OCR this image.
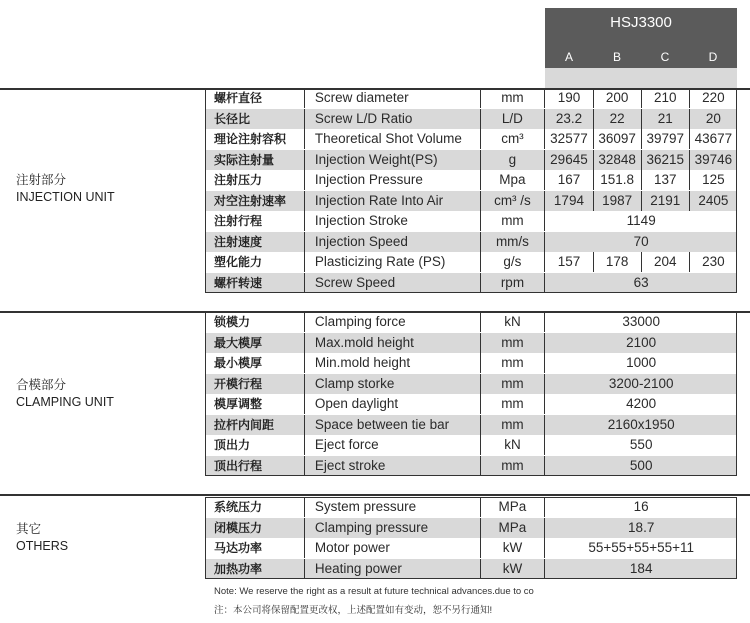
HSJ3300
A	B	C	D
注射部分
INJECTION UNIT
合模部分
CLAMPING UNIT
其它
OTHERS
螺杆直径	Screw diameter	mm	190	200	210	220
长径比	Screw L/D Ratio	L/D	23.2	22	21	20
理论注射容积	Theoretical Shot Volume	cm³	32577 36097 39797 43677
实际注射量	Injection Weight(PS)	g	29645 32848 36215 39746
注射压力	Injection Pressure	Mpa	167	151.8	137	125
对空注射速率	Injection Rate Into Air	cm³ /s	1794	1987	2191	2405
注射行程	Injection Stroke	mm	1149
注射速度	Injection Speed	mm/s	70
塑化能力	Plasticizing Rate (PS)	g/s	157	178	204	230
螺杆转速	Screw Speed	rpm	63
锁模力	Clamping force	kN	33000
最大模厚	Max.mold height	mm	2100
最小模厚	Min.mold height	mm	1000
开模行程	Clamp storke	mm	3200-2100
模厚调整	Open daylight	mm	4200
拉杆内间距	Space between tie bar	mm	2160x1950
顶出力	Eject force	kN	550
顶出行程	Eject stroke	mm	500
系统压力	System pressure	MPa	16
闭模压力	Clamping pressure	MPa	18.7
马达功率	Motor power	kW	55+55+55+55+11
加热功率	Heating power	kW	184
Note: We reserve the right as a result at future technical advances.due to co
注：本公司将保留配置更改权，上述配置如有变动，恕不另行通知!
